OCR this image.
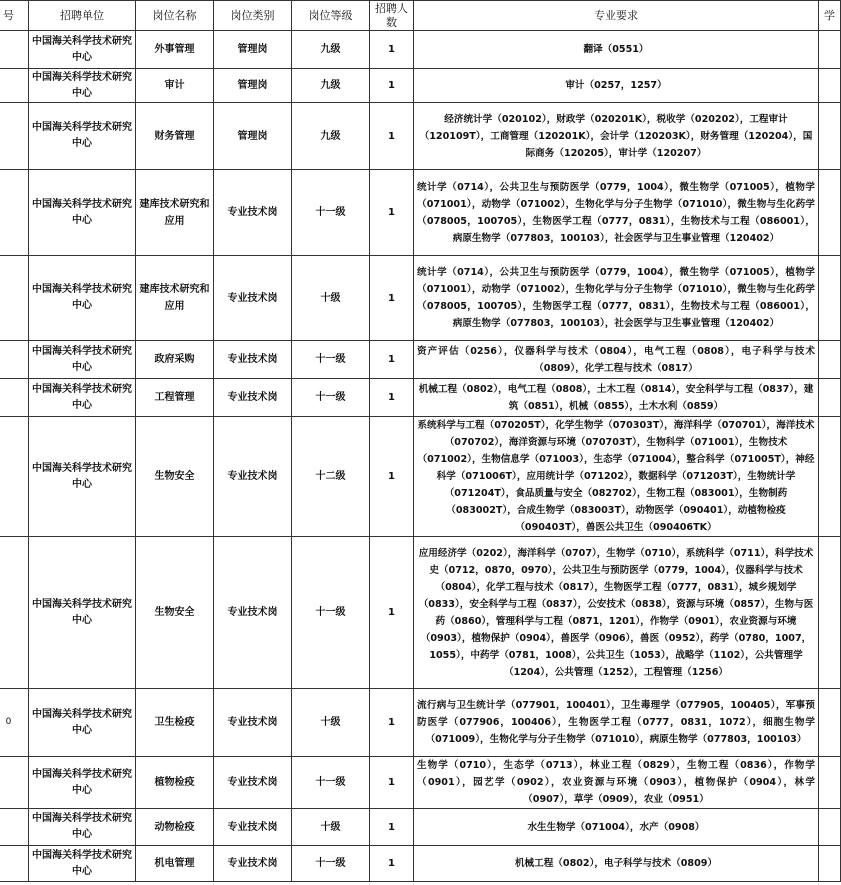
号	招聘单位	岗位名称	岗位类别	岗位等级	招聘人数	专业要求	学
	中国海关科学技术研究中心	外事管理	管理岗	九级	1	翻译（0551）	
	中国海关科学技术研究中心	审计	管理岗	九级	1	审计（0257，1257）	
	中国海关科学技术研究中心	财务管理	管理岗	九级	1	经济统计学（020102），财政学（020201K），税收学（020202），工程审计（120109T），工商管理（120201K），会计学（120203K），财务管理（120204），国际商务（120205），审计学（120207）	
	中国海关科学技术研究中心	建库技术研究和应用	专业技术岗	十一级	1	统计学（0714），公共卫生与预防医学（0779，1004），微生物学（071005），植物学（071001），动物学（071002），生物化学与分子生物学（071010），微生物与生化药学（078005，100705），生物医学工程（0777，0831），生物技术与工程（086001），病原生物学（077803，100103），社会医学与卫生事业管理（120402）	
	中国海关科学技术研究中心	建库技术研究和应用	专业技术岗	十级	1	统计学（0714），公共卫生与预防医学（0779，1004），微生物学（071005），植物学（071001），动物学（071002），生物化学与分子生物学（071010），微生物与生化药学（078005，100705），生物医学工程（0777，0831），生物技术与工程（086001），病原生物学（077803，100103），社会医学与卫生事业管理（120402）	
	中国海关科学技术研究中心	政府采购	专业技术岗	十一级	1	资产评估（0256），仪器科学与技术（0804），电气工程（0808），电子科学与技术（0809），化学工程与技术（0817）	
	中国海关科学技术研究中心	工程管理	专业技术岗	十一级	1	机械工程（0802），电气工程（0808），土木工程（0814），安全科学与工程（0837），建筑（0851），机械（0855），土木水利（0859）	
	中国海关科学技术研究中心	生物安全	专业技术岗	十二级	1	系统科学与工程（070205T），化学生物学（070303T），海洋科学（070701），海洋技术（070702），海洋资源与环境（070703T），生物科学（071001），生物技术（071002），生物信息学（071003），生态学（071004），整合科学（071005T），神经科学（071006T），应用统计学（071202），数据科学（071203T），生物统计学（071204T），食品质量与安全（082702），生物工程（083001），生物制药（083002T），合成生物学（083003T），动物医学（090401），动植物检疫（090403T），兽医公共卫生（090406TK）	
	中国海关科学技术研究中心	生物安全	专业技术岗	十一级	1	应用经济学（0202），海洋科学（0707），生物学（0710），系统科学（0711），科学技术史（0712，0870，0970），公共卫生与预防医学（0779，1004），仪器科学与技术（0804），化学工程与技术（0817），生物医学工程（0777，0831），城乡规划学（0833），安全科学与工程（0837），公安技术（0838），资源与环境（0857），生物与医药（0860），管理科学与工程（0871，1201），作物学（0901），农业资源与环境（0903），植物保护（0904），兽医学（0906），兽医（0952），药学（0780，1007，1055），中药学（0781，1008），公共卫生（1053），战略学（1102），公共管理学（1204），公共管理（1252），工程管理（1256）	
0	中国海关科学技术研究中心	卫生检疫	专业技术岗	十级	1	流行病与卫生统计学（077901，100401），卫生毒理学（077905，100405），军事预防医学（077906，100406），生物医学工程（0777，0831，1072），细胞生物学（071009），生物化学与分子生物学（071010），病原生物学（077803，100103）	
	中国海关科学技术研究中心	植物检疫	专业技术岗	十一级	1	生物学（0710），生态学（0713），林业工程（0829），生物工程（0836），作物学（0901），园艺学（0902），农业资源与环境（0903），植物保护（0904），林学（0907），草学（0909），农业（0951）	
	中国海关科学技术研究中心	动物检疫	专业技术岗	十级	1	水生生物学（071004），水产（0908）	
	中国海关科学技术研究中心	机电管理	专业技术岗	十一级	1	机械工程（0802），电子科学与技术（0809）	
